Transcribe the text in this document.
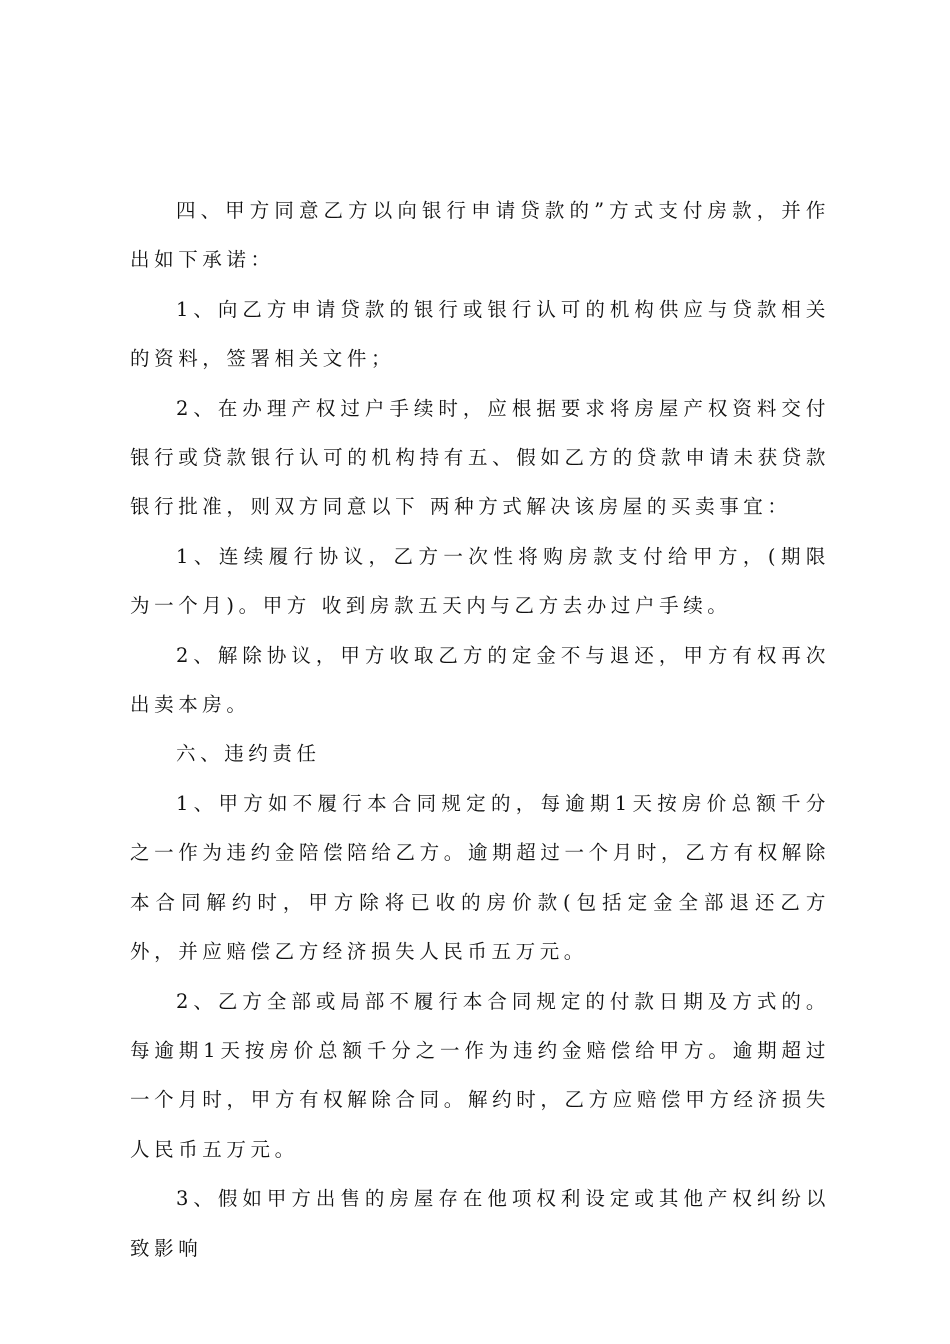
四、甲方同意乙方以向银行申请贷款的”方式支付房款，并作出如下承诺：

1、向乙方申请贷款的银行或银行认可的机构供应与贷款相关的资料，签署相关文件；

2、在办理产权过户手续时，应根据要求将房屋产权资料交付银行或贷款银行认可的机构持有五、假如乙方的贷款申请未获贷款银行批准，则双方同意以下 两种方式解决该房屋的买卖事宜：

1、连续履行协议，乙方一次性将购房款支付给甲方，(期限为一个月)。甲方 收到房款五天内与乙方去办过户手续。

2、解除协议，甲方收取乙方的定金不与退还，甲方有权再次出卖本房。

六、违约责任

1、甲方如不履行本合同规定的，每逾期1天按房价总额千分之一作为违约金陪偿陪给乙方。逾期超过一个月时，乙方有权解除本合同解约时，甲方除将已收的房价款(包括定金全部退还乙方外，并应赔偿乙方经济损失人民币五万元。

2、乙方全部或局部不履行本合同规定的付款日期及方式的。每逾期1天按房价总额千分之一作为违约金赔偿给甲方。逾期超过一个月时，甲方有权解除合同。解约时，乙方应赔偿甲方经济损失人民币五万元。

3、假如甲方出售的房屋存在他项权利设定或其他产权纠纷以致影响
